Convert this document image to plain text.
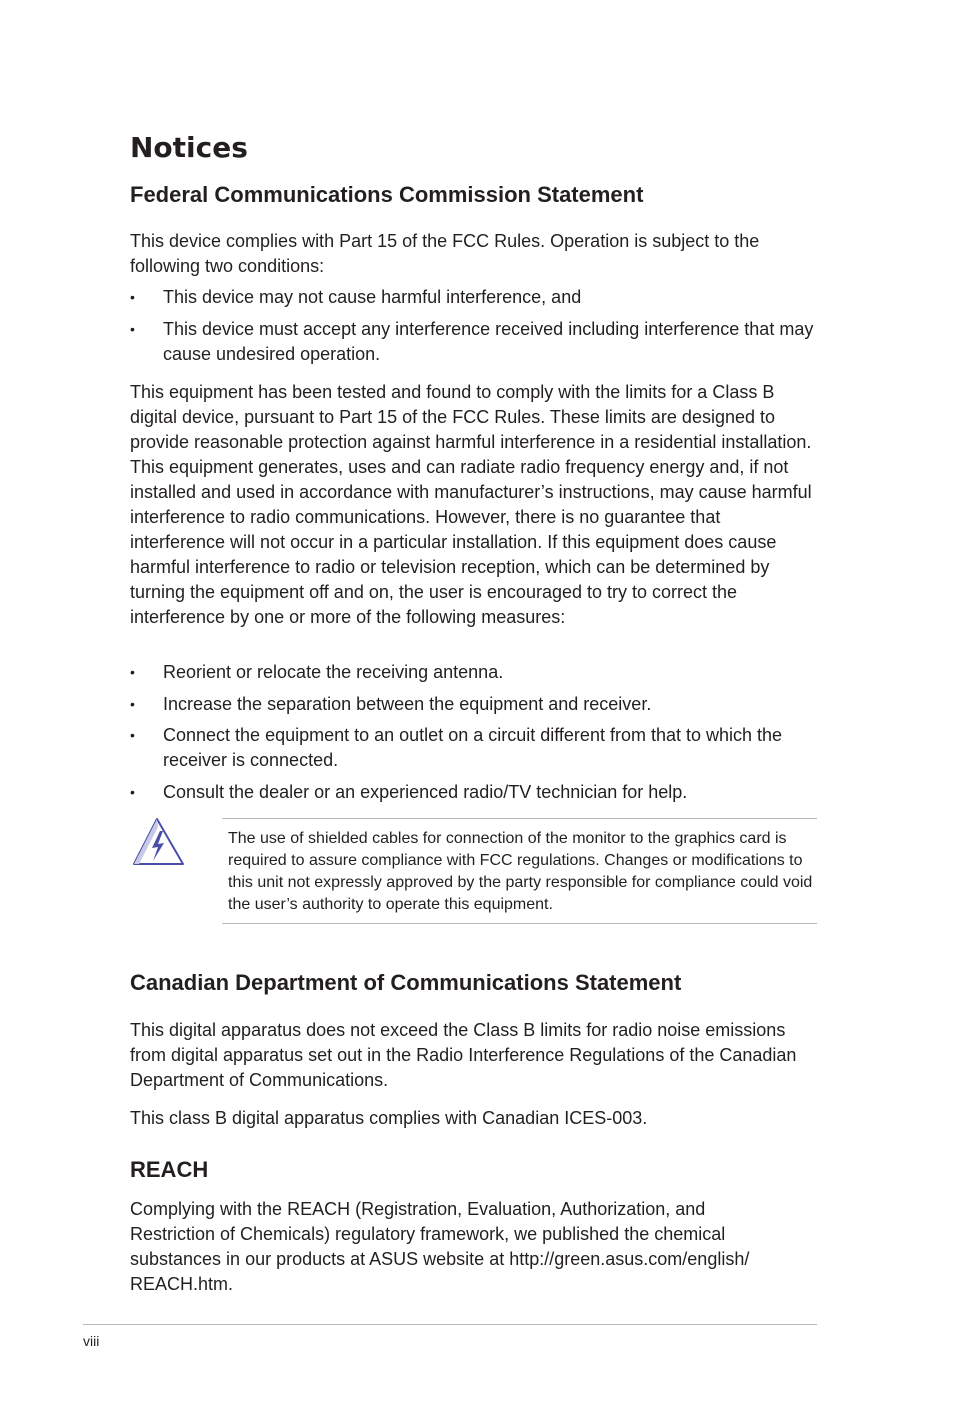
Notices
Federal Communications Commission Statement

This device complies with Part 15 of the FCC Rules. Operation is subject to the following two conditions:

•	This device may not cause harmful interference, and
•	This device must accept any interference received including interference that may cause undesired operation.

This equipment has been tested and found to comply with the limits for a Class B digital device, pursuant to Part 15 of the FCC Rules. These limits are designed to provide reasonable protection against harmful interference in a residential installation. This equipment generates, uses and can radiate radio frequency energy and, if not installed and used in accordance with manufacturer’s instructions, may cause harmful interference to radio communications. However, there is no guarantee that interference will not occur in a particular installation. If this equipment does cause harmful interference to radio or television reception, which can be determined by turning the equipment off and on, the user is encouraged to try to correct the interference by one or more of the following measures:

•	Reorient or relocate the receiving antenna.
•	Increase the separation between the equipment and receiver.
•	Connect the equipment to an outlet on a circuit different from that to which the receiver is connected.
•	Consult the dealer or an experienced radio/TV technician for help.

The use of shielded cables for connection of the monitor to the graphics card is required to assure compliance with FCC regulations. Changes or modifications to this unit not expressly approved by the party responsible for compliance could void the user’s authority to operate this equipment.

Canadian Department of Communications Statement

This digital apparatus does not exceed the Class B limits for radio noise emissions from digital apparatus set out in the Radio Interference Regulations of the Canadian Department of Communications.

This class B digital apparatus complies with Canadian ICES-003.

REACH

Complying with the REACH (Registration, Evaluation, Authorization, and Restriction of Chemicals) regulatory framework, we published the chemical substances in our products at ASUS website at http://green.asus.com/english/ REACH.htm.

viii
